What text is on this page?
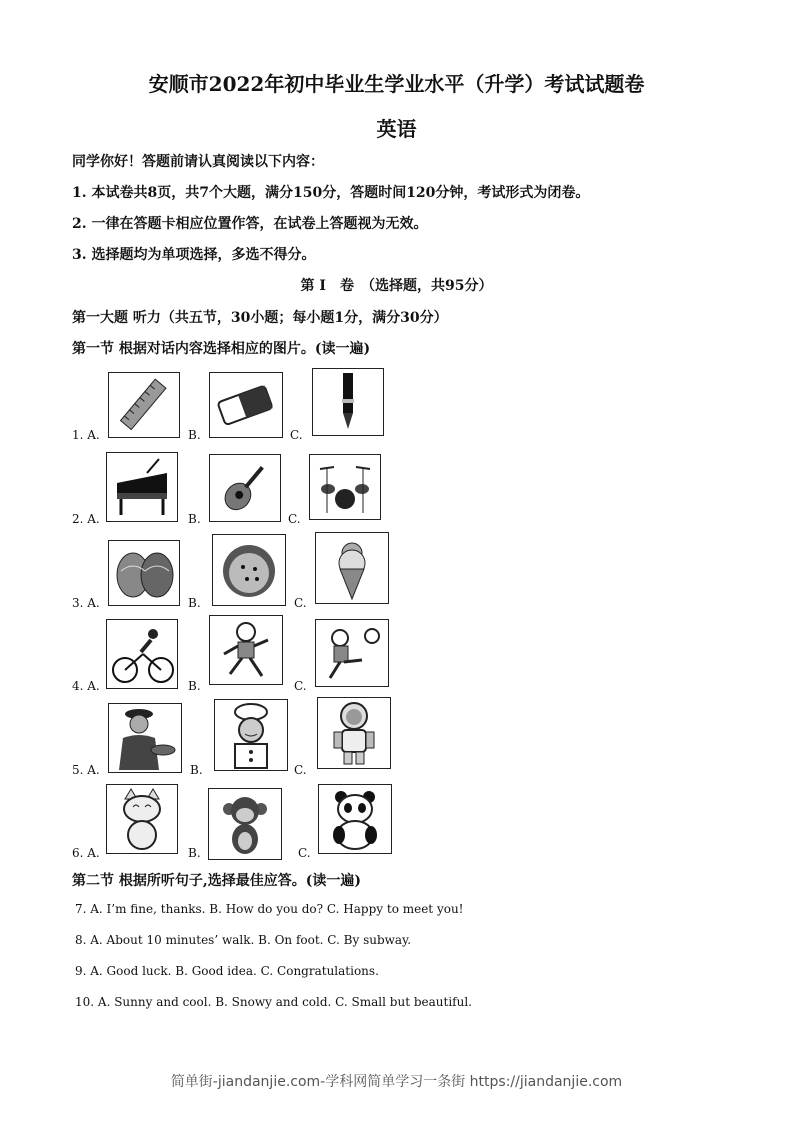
安顺市2022年初中毕业生学业水平（升学）考试试题卷
英语
同学你好！答题前请认真阅读以下内容：
1. 本试卷共8页，共7个大题，满分150分，答题时间120分钟，考试形式为闭卷。
2. 一律在答题卡相应位置作答，在试卷上答题视为无效。
3. 选择题均为单项选择，多选不得分。
第 I　卷　（选择题，共95分）
第一大题 听力（共五节，30小题；每小题1分，满分30分）
第一节 根据对话内容选择相应的图片。(读一遍)
1. A.	B.	C.
2. A.	B.	C.
3. A.	B.	C.
4. A.	B.	C.
5. A.	B.	C.
6. A.	B.	C.
第二节 根据所听句子,选择最佳应答。(读一遍)
7. A. I’m fine, thanks. B. How do you do? C. Happy to meet you!
8. A. About 10 minutes’ walk. B. On foot. C. By subway.
9. A. Good luck. B. Good idea. C. Congratulations.
10. A. Sunny and cool. B. Snowy and cold. C. Small but beautiful.
简单街-jiandanjie.com-学科网简单学习一条街 https://jiandanjie.com
